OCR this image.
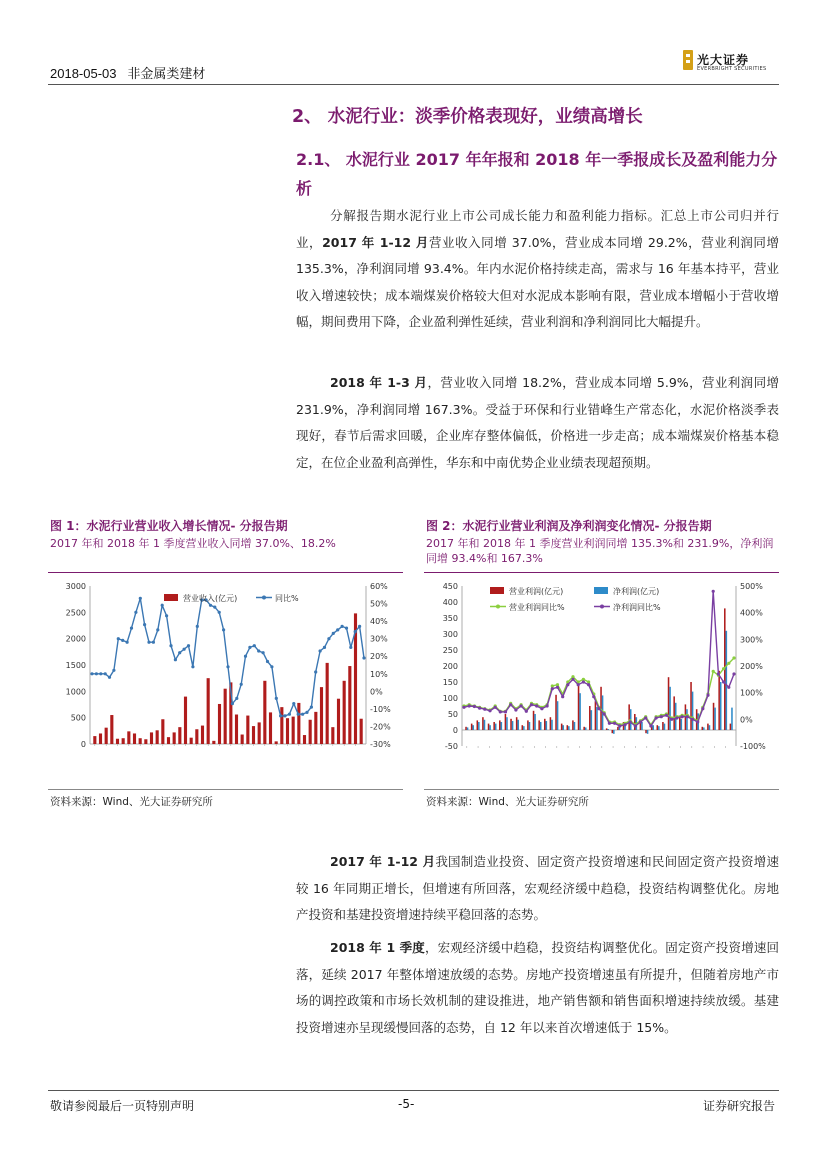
2018-05-03 非金属类建材
光大证券
EVERBRIGHT SECURITIES
2、 水泥行业：淡季价格表现好，业绩高增长
2.1、 水泥行业 2017 年年报和 2018 年一季报成长及盈利能力分析

分解报告期水泥行业上市公司成长能力和盈利能力指标。汇总上市公司归并行业，2017 年 1-12 月营业收入同增 37.0%，营业成本同增 29.2%，营业利润同增 135.3%，净利润同增 93.4%。年内水泥价格持续走高，需求与 16 年基本持平，营业收入增速较快；成本端煤炭价格较大但对水泥成本影响有限，营业成本增幅小于营收增幅，期间费用下降，企业盈利弹性延续，营业利润和净利润同比大幅提升。

2018 年 1-3 月，营业收入同增 18.2%，营业成本同增 5.9%，营业利润同增 231.9%，净利润同增 167.3%。受益于环保和行业错峰生产常态化，水泥价格淡季表现好，春节后需求回暖，企业库存整体偏低，价格进一步走高；成本端煤炭价格基本稳定，在位企业盈利高弹性，华东和中南优势企业业绩表现超预期。

图 1：水泥行业营业收入增长情况- 分报告期
2017 年和 2018 年 1 季度营业收入同增 37.0%、18.2%
3000
2500
2000
1500
1000
500
0
60%
50%
40%
30%
20%
10%
0%
-10%
-20%
-30%
营业收入(亿元)	同比%
资料来源：Wind、光大证券研究所
图 2：水泥行业营业利润及净利润变化情况- 分报告期
2017 年和 2018 年 1 季度营业利润同增 135.3%和 231.9%，净利润同增 93.4%和 167.3%
450
400
350
300
250
200
150
100
50
0
-50
500%
400%
300%
200%
100%
0%
-100%
营业利润(亿元)	净利润(亿元)
营业利润同比%	净利润同比%
资料来源：Wind、光大证券研究所

2017 年 1-12 月我国制造业投资、固定资产投资增速和民间固定资产投资增速较 16 年同期正增长，但增速有所回落，宏观经济缓中趋稳，投资结构调整优化。房地产投资和基建投资增速持续平稳回落的态势。

2018 年 1 季度，宏观经济缓中趋稳，投资结构调整优化。固定资产投资增速回落，延续 2017 年整体增速放缓的态势。房地产投资增速虽有所提升，但随着房地产市场的调控政策和市场长效机制的建设推进，地产销售额和销售面积增速持续放缓。基建投资增速亦呈现缓慢回落的态势，自 12 年以来首次增速低于 15%。

敬请参阅最后一页特别声明	-5-	证券研究报告
